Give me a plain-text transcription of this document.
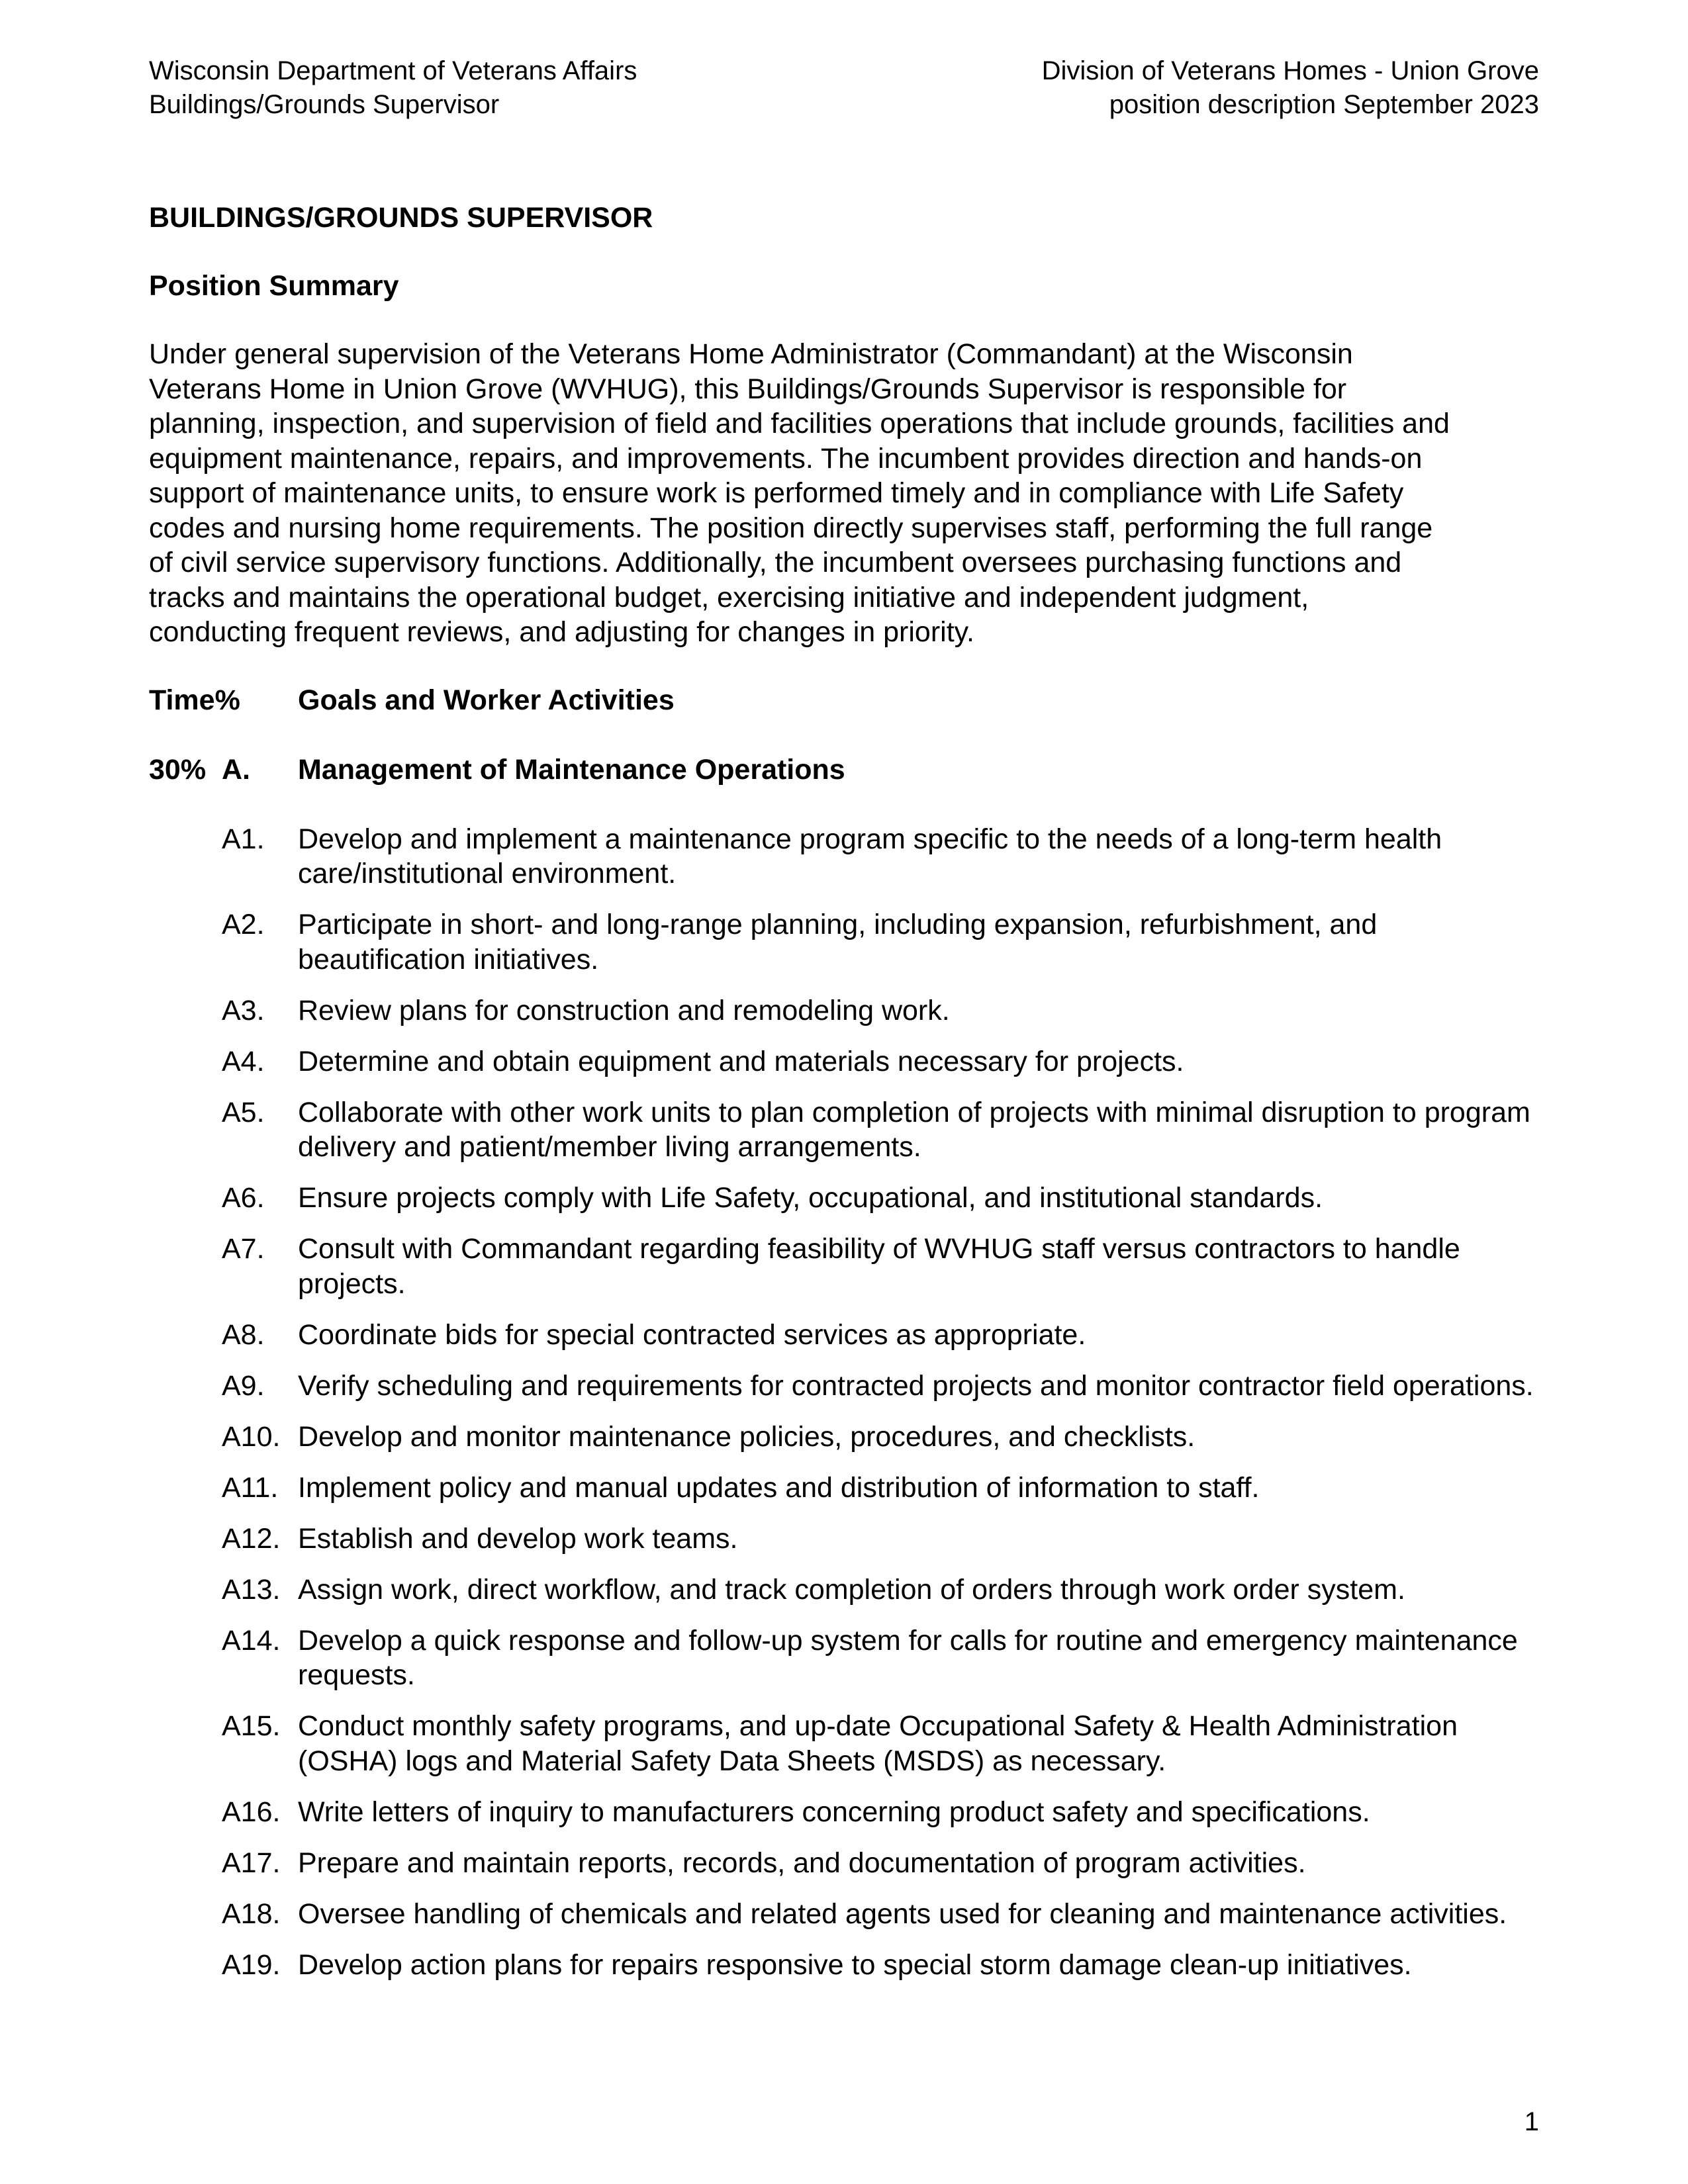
Wisconsin Department of Veterans Affairs
Buildings/Grounds Supervisor
Division of Veterans Homes - Union Grove
position description September 2023
BUILDINGS/GROUNDS SUPERVISOR
Position Summary
Under general supervision of the Veterans Home Administrator (Commandant) at the Wisconsin
Veterans Home in Union Grove (WVHUG), this Buildings/Grounds Supervisor is responsible for
planning, inspection, and supervision of field and facilities operations that include grounds, facilities and
equipment maintenance, repairs, and improvements. The incumbent provides direction and hands-on
support of maintenance units, to ensure work is performed timely and in compliance with Life Safety
codes and nursing home requirements. The position directly supervises staff, performing the full range
of civil service supervisory functions. Additionally, the incumbent oversees purchasing functions and
tracks and maintains the operational budget, exercising initiative and independent judgment,
conducting frequent reviews, and adjusting for changes in priority.
Time% Goals and Worker Activities
30% A. Management of Maintenance Operations
A1. Develop and implement a maintenance program specific to the needs of a long-term health care/institutional environment.
A2. Participate in short- and long-range planning, including expansion, refurbishment, and beautification initiatives.
A3. Review plans for construction and remodeling work.
A4. Determine and obtain equipment and materials necessary for projects.
A5. Collaborate with other work units to plan completion of projects with minimal disruption to program delivery and patient/member living arrangements.
A6. Ensure projects comply with Life Safety, occupational, and institutional standards.
A7. Consult with Commandant regarding feasibility of WVHUG staff versus contractors to handle projects.
A8. Coordinate bids for special contracted services as appropriate.
A9. Verify scheduling and requirements for contracted projects and monitor contractor field operations.
A10. Develop and monitor maintenance policies, procedures, and checklists.
A11. Implement policy and manual updates and distribution of information to staff.
A12. Establish and develop work teams.
A13. Assign work, direct workflow, and track completion of orders through work order system.
A14. Develop a quick response and follow-up system for calls for routine and emergency maintenance requests.
A15. Conduct monthly safety programs, and up-date Occupational Safety & Health Administration (OSHA) logs and Material Safety Data Sheets (MSDS) as necessary.
A16. Write letters of inquiry to manufacturers concerning product safety and specifications.
A17. Prepare and maintain reports, records, and documentation of program activities.
A18. Oversee handling of chemicals and related agents used for cleaning and maintenance activities.
A19. Develop action plans for repairs responsive to special storm damage clean-up initiatives.
1
